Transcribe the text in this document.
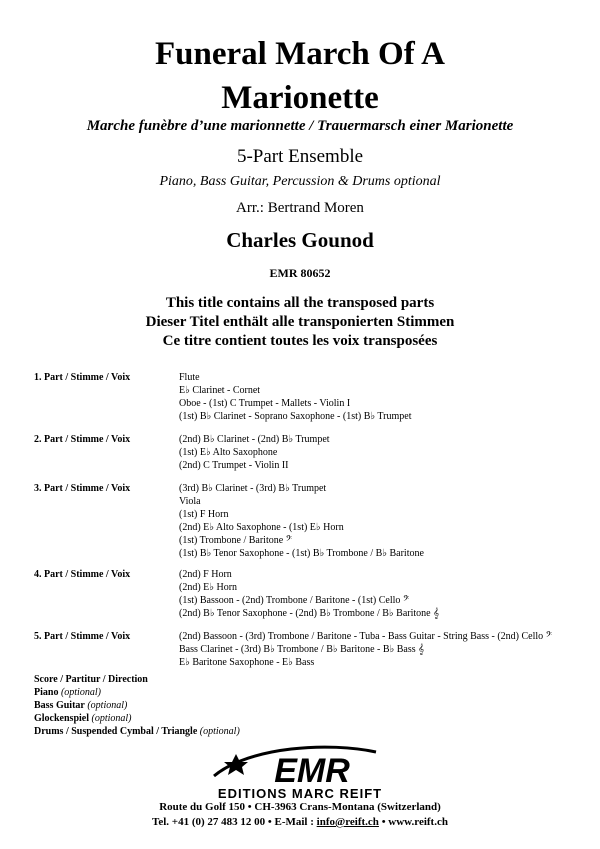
Funeral March Of A
Marionette
Marche funèbre d’une marionnette / Trauermarsch einer Marionette
5-Part Ensemble
Piano, Bass Guitar, Percussion & Drums optional
Arr.: Bertrand Moren
Charles Gounod
EMR 80652
This title contains all the transposed parts
Dieser Titel enthält alle transponierten Stimmen
Ce titre contient toutes les voix transposées
1. Part / Stimme / Voix	Flute
E♭ Clarinet - Cornet
Oboe - (1st) C Trumpet - Mallets - Violin I
(1st) B♭ Clarinet - Soprano Saxophone - (1st) B♭ Trumpet
2. Part / Stimme / Voix	(2nd) B♭ Clarinet - (2nd) B♭ Trumpet
(1st) E♭ Alto Saxophone
(2nd) C Trumpet - Violin II
3. Part / Stimme / Voix	(3rd) B♭ Clarinet - (3rd) B♭ Trumpet
Viola
(1st) F Horn
(2nd) E♭ Alto Saxophone - (1st) E♭ Horn
(1st) Trombone / Baritone 𝄢
(1st) B♭ Tenor Saxophone - (1st) B♭ Trombone / B♭ Baritone
4. Part / Stimme / Voix	(2nd) F Horn
(2nd) E♭ Horn
(1st) Bassoon - (2nd) Trombone / Baritone - (1st) Cello 𝄢
(2nd) B♭ Tenor Saxophone - (2nd) B♭ Trombone / B♭ Baritone 𝄞
5. Part / Stimme / Voix	(2nd) Bassoon - (3rd) Trombone / Baritone - Tuba - Bass Guitar - String Bass - (2nd) Cello 𝄢
Bass Clarinet - (3rd) B♭ Trombone / B♭ Baritone - B♭ Bass 𝄞
E♭ Baritone Saxophone - E♭ Bass
Score / Partitur / Direction
Piano (optional)
Bass Guitar (optional)
Glockenspiel (optional)
Drums / Suspended Cymbal / Triangle (optional)
EMR
EDITIONS MARC REIFT
Route du Golf 150 • CH-3963 Crans-Montana (Switzerland)
Tel. +41 (0) 27 483 12 00 • E-Mail : info@reift.ch • www.reift.ch
